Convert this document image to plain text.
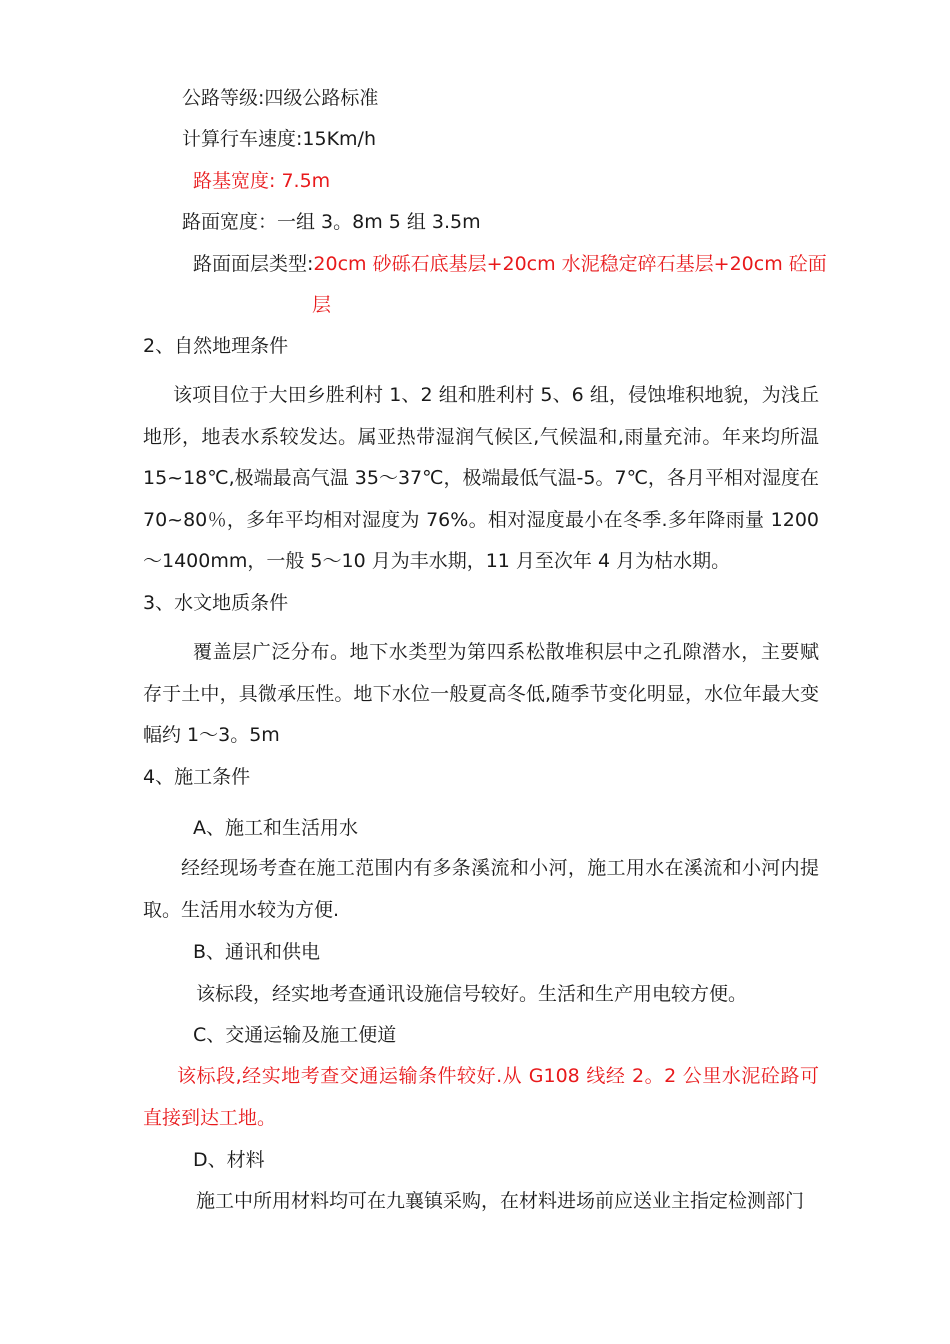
公路等级:四级公路标准
计算行车速度:15Km/h
路基宽度: 7.5m
路面宽度：一组 3。8m 5 组 3.5m
路面面层类型:20cm 砂砾石底基层+20cm 水泥稳定碎石基层+20cm 砼面
层
2、自然地理条件
该项目位于大田乡胜利村 1、2 组和胜利村 5、6 组，侵蚀堆积地貌，为浅丘地形，地表水系较发达。属亚热带湿润气候区,气候温和,雨量充沛。年来均所温 15~18℃,极端最高气温 35～37℃，极端最低气温-5。7℃，各月平相对湿度在 70~80％，多年平均相对湿度为 76%。相对湿度最小在冬季.多年降雨量 1200～1400mm，一般 5～10 月为丰水期，11 月至次年 4 月为枯水期。
3、水文地质条件
覆盖层广泛分布。地下水类型为第四系松散堆积层中之孔隙潜水，主要赋存于土中，具微承压性。地下水位一般夏高冬低,随季节变化明显，水位年最大变幅约 1～3。5m
4、施工条件
A、施工和生活用水
经经现场考查在施工范围内有多条溪流和小河，施工用水在溪流和小河内提取。生活用水较为方便.
B、通讯和供电
该标段，经实地考查通讯设施信号较好。生活和生产用电较方便。
C、交通运输及施工便道
该标段,经实地考查交通运输条件较好.从 G108 线经 2。2 公里水泥砼路可直接到达工地。
D、材料
施工中所用材料均可在九襄镇采购，在材料进场前应送业主指定检测部门
